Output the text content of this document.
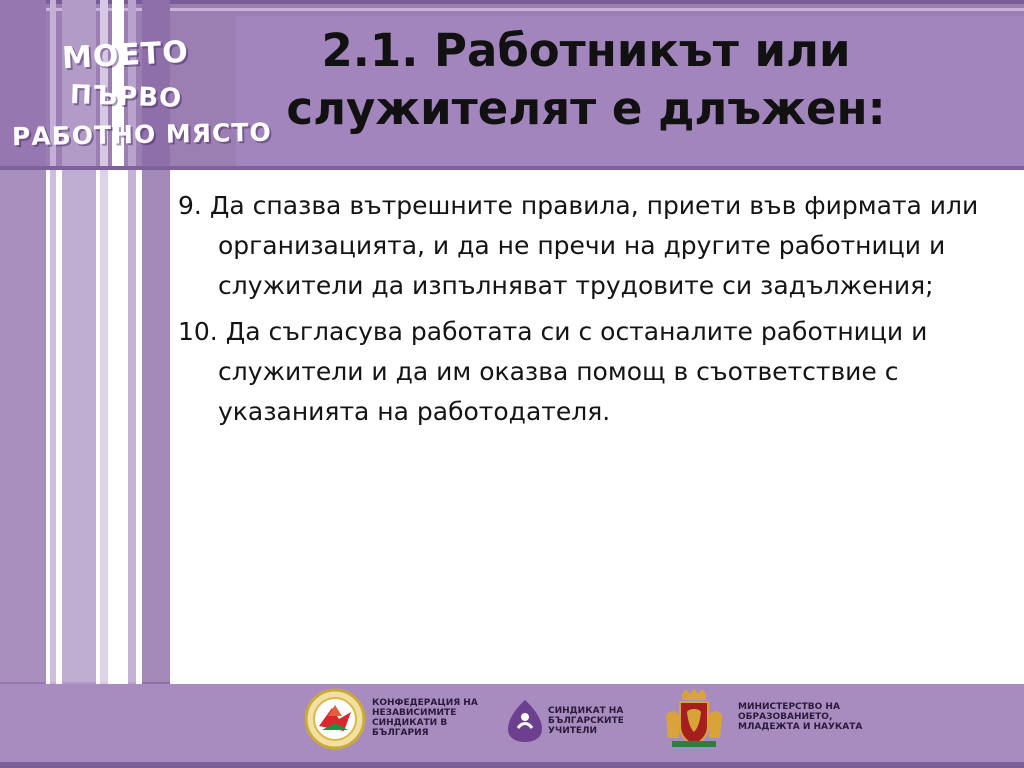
МОЕТО
ПЪРВО
РАБОТНО МЯСТО
2.1. Работникът или
служителят е длъжен:

9. Да спазва вътрешните правила, приети във фирмата или организацията, и да не пречи на другите работници и служители да изпълняват трудовите си задължения;

10. Да съгласува работата си с останалите работници и служители и да им оказва помощ в съответствие с указанията на работодателя.

КОНФЕДЕРАЦИЯ НА
НЕЗАВИСИМИТЕ
СИНДИКАТИ В
БЪЛГАРИЯ
СИНДИКАТ НА
БЪЛГАРСКИТЕ
УЧИТЕЛИ
МИНИСТЕРСТВО НА
ОБРАЗОВАНИЕТО,
МЛАДЕЖТА И НАУКАТА
